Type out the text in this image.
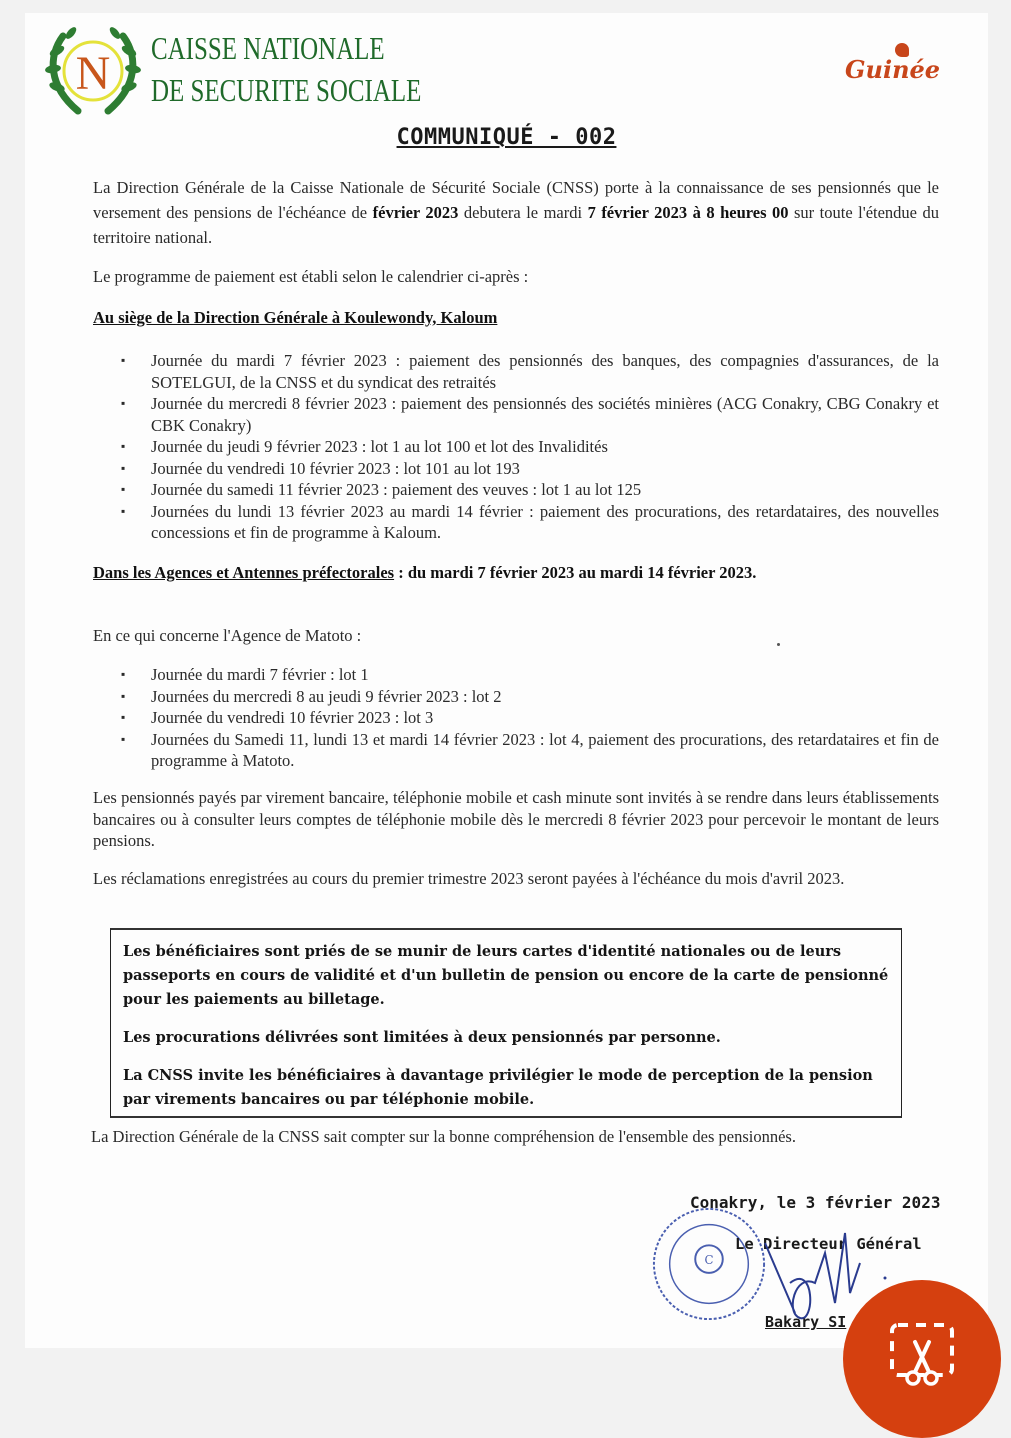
N CAISSE NATIONALE
DE SECURITE SOCIALE
Guinée
COMMUNIQUÉ - 002
La Direction Générale de la Caisse Nationale de Sécurité Sociale (CNSS) porte à la connaissance de ses pensionnés que le versement des pensions de l'échéance de février 2023 debutera le mardi 7 février 2023 à 8 heures 00 sur toute l'étendue du territoire national.
Le programme de paiement est établi selon le calendrier ci-après :
Au siège de la Direction Générale à Koulewondy, Kaloum
▪ Journée du mardi 7 février 2023 : paiement des pensionnés des banques, des compagnies d'assurances, de la SOTELGUI, de la CNSS et du syndicat des retraités
▪ Journée du mercredi 8 février 2023 : paiement des pensionnés des sociétés minières (ACG Conakry, CBG Conakry et CBK Conakry)
▪ Journée du jeudi 9 février 2023 : lot 1 au lot 100 et lot des Invalidités
▪ Journée du vendredi 10 février 2023 : lot 101 au lot 193
▪ Journée du samedi 11 février 2023 : paiement des veuves : lot 1 au lot 125
▪ Journées du lundi 13 février 2023 au mardi 14 février : paiement des procurations, des retardataires, des nouvelles concessions et fin de programme à Kaloum.
Dans les Agences et Antennes préfectorales : du mardi 7 février 2023 au mardi 14 février 2023.
En ce qui concerne l'Agence de Matoto :
▪ Journée du mardi 7 février : lot 1
▪ Journées du mercredi 8 au jeudi 9 février 2023 : lot 2
▪ Journée du vendredi 10 février 2023 : lot 3
▪ Journées du Samedi 11, lundi 13 et mardi 14 février 2023 : lot 4, paiement des procurations, des retardataires et fin de programme à Matoto.
Les pensionnés payés par virement bancaire, téléphonie mobile et cash minute sont invités à se rendre dans leurs établissements bancaires ou à consulter leurs comptes de téléphonie mobile dès le mercredi 8 février 2023 pour percevoir le montant de leurs pensions.
Les réclamations enregistrées au cours du premier trimestre 2023 seront payées à l'échéance du mois d'avril 2023.

Les bénéficiaires sont priés de se munir de leurs cartes d'identité nationales ou de leurs passeports en cours de validité et d'un bulletin de pension ou encore de la carte de pensionné pour les paiements au billetage.

Les procurations délivrées sont limitées à deux pensionnés par personne.

La CNSS invite les bénéficiaires à davantage privilégier le mode de perception de la pension par virements bancaires ou par téléphonie mobile.

La Direction Générale de la CNSS sait compter sur la bonne compréhension de l'ensemble des pensionnés.
C
Conakry, le 3 février 2023
Le Directeur Général
Bakary SI
